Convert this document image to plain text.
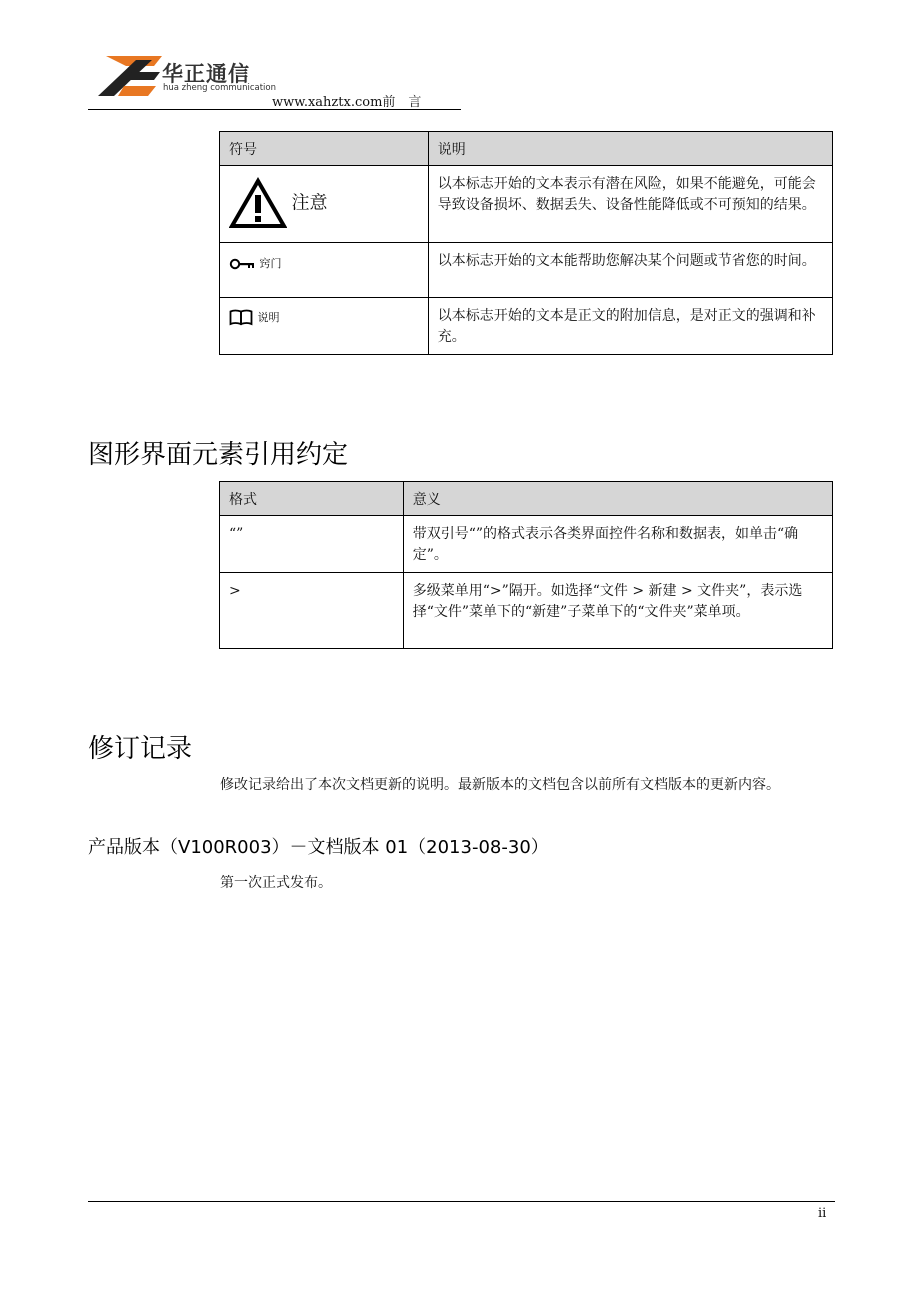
华正通信
hua zheng communication
www.xahztx.com前　言
符号	说明
注意	以本标志开始的文本表示有潜在风险，如果不能避免，可能会导致设备损坏、数据丢失、设备性能降低或不可预知的结果。
窍门	以本标志开始的文本能帮助您解决某个问题或节省您的时间。
说明	以本标志开始的文本是正文的附加信息，是对正文的强调和补充。
图形界面元素引用约定
格式	意义
“”	带双引号“”的格式表示各类界面控件名称和数据表，如单击“确定”。
>	多级菜单用“>”隔开。如选择“文件 > 新建 > 文件夹”，表示选择“文件”菜单下的“新建”子菜单下的“文件夹”菜单项。
修订记录
修改记录给出了本次文档更新的说明。最新版本的文档包含以前所有文档版本的更新内容。
产品版本（V100R003）－文档版本 01（2013-08-30）
第一次正式发布。
ii
